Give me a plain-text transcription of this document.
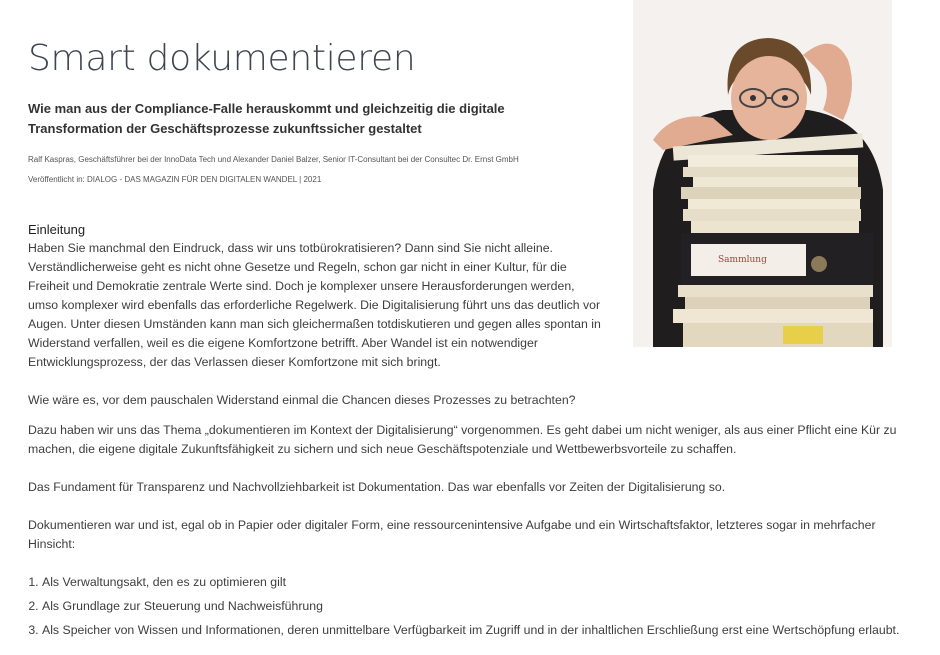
Smart dokumentieren

Wie man aus der Compliance-Falle herauskommt und gleichzeitig die digitale Transformation der Geschäftsprozesse zukunftssicher gestaltet

Ralf Kaspras, Geschäftsführer bei der InnoData Tech und Alexander Daniel Balzer, Senior IT-Consultant bei der Consultec Dr. Ernst GmbH

Veröffentlicht in: DIALOG - DAS MAGAZIN FÜR DEN DIGITALEN WANDEL | 2021

Einleitung

Haben Sie manchmal den Eindruck, dass wir uns totbürokratisieren? Dann sind Sie nicht alleine. Verständlicherweise geht es nicht ohne Gesetze und Regeln, schon gar nicht in einer Kultur, für die Freiheit und Demokratie zentrale Werte sind. Doch je komplexer unsere Herausforderungen werden, umso komplexer wird ebenfalls das erforderliche Regelwerk. Die Digitalisierung führt uns das deutlich vor Augen. Unter diesen Umständen kann man sich gleichermaßen totdiskutieren und gegen alles spontan in Widerstand verfallen, weil es die eigene Komfortzone betrifft. Aber Wandel ist ein notwendiger Entwicklungsprozess, der das Verlassen dieser Komfortzone mit sich bringt.

Wie wäre es, vor dem pauschalen Widerstand einmal die Chancen dieses Prozesses zu betrachten?

Dazu haben wir uns das Thema „dokumentieren im Kontext der Digitalisierung“ vorgenommen. Es geht dabei um nicht weniger, als aus einer Pflicht eine Kür zu machen, die eigene digitale Zukunftsfähigkeit zu sichern und sich neue Geschäftspotenziale und Wettbewerbsvorteile zu schaffen.

Das Fundament für Transparenz und Nachvollziehbarkeit ist Dokumentation. Das war ebenfalls vor Zeiten der Digitalisierung so.

Dokumentieren war und ist, egal ob in Papier oder digitaler Form, eine ressourcenintensive Aufgabe und ein Wirtschaftsfaktor, letzteres sogar in mehrfacher Hinsicht:

1. Als Verwaltungsakt, den es zu optimieren gilt
2. Als Grundlage zur Steuerung und Nachweisführung
3. Als Speicher von Wissen und Informationen, deren unmittelbare Verfügbarkeit im Zugriff und in der inhaltlichen Erschließung erst eine Wertschöpfung erlaubt.
Sammlung
